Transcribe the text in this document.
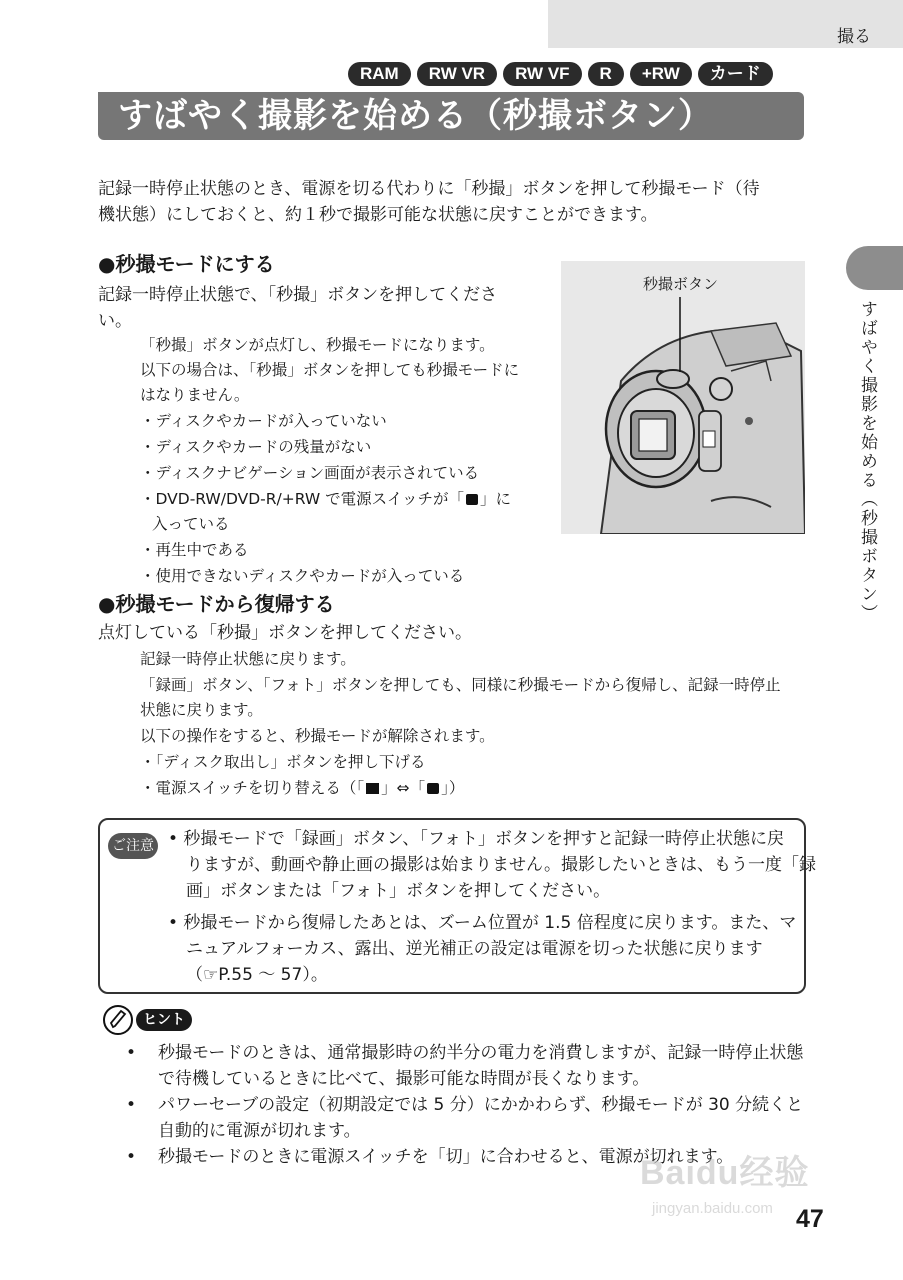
撮る
RAM	RW VR	RW VF	R	+RW	カード
すばやく撮影を始める（秒撮ボタン）
記録一時停止状態のとき、電源を切る代わりに「秒撮」ボタンを押して秒撮モード（待
機状態）にしておくと、約１秒で撮影可能な状態に戻すことができます。
●秒撮モードにする
記録一時停止状態で、「秒撮」ボタンを押してくださ
い。
「秒撮」ボタンが点灯し、秒撮モードになります。
以下の場合は、「秒撮」ボタンを押しても秒撮モードに
はなりません。
・ディスクやカードが入っていない
・ディスクやカードの残量がない
・ディスクナビゲーション画面が表示されている
・DVD-RW/DVD-R/+RW で電源スイッチが「 」に
入っている
・再生中である
・使用できないディスクやカードが入っている
秒撮ボタン
●秒撮モードから復帰する
点灯している「秒撮」ボタンを押してください。
記録一時停止状態に戻ります。
「録画」ボタン、「フォト」ボタンを押しても、同様に秒撮モードから復帰し、記録一時停止
状態に戻ります。
以下の操作をすると、秒撮モードが解除されます。
・「ディスク取出し」ボタンを押し下げる
・電源スイッチを切り替える（「 」⇔「 」）
ご注意 • 秒撮モードで「録画」ボタン、「フォト」ボタンを押すと記録一時停止状態に戻
りますが、動画や静止画の撮影は始まりません。撮影したいときは、もう一度「録
画」ボタンまたは「フォト」ボタンを押してください。
• 秒撮モードから復帰したあとは、ズーム位置が 1.5 倍程度に戻ります。また、マ
ニュアルフォーカス、露出、逆光補正の設定は電源を切った状態に戻ります
（☞P.55 ～ 57）。
ヒント
• 秒撮モードのときは、通常撮影時の約半分の電力を消費しますが、記録一時停止状態
で待機しているときに比べて、撮影可能な時間が長くなります。
• パワーセーブの設定（初期設定では 5 分）にかかわらず、秒撮モードが 30 分続くと
自動的に電源が切れます。
• 秒撮モードのときに電源スイッチを「切」に合わせると、電源が切れます。
すばやく撮影を始める（秒撮ボタン）
Baidu经验
jingyan.baidu.com 47
